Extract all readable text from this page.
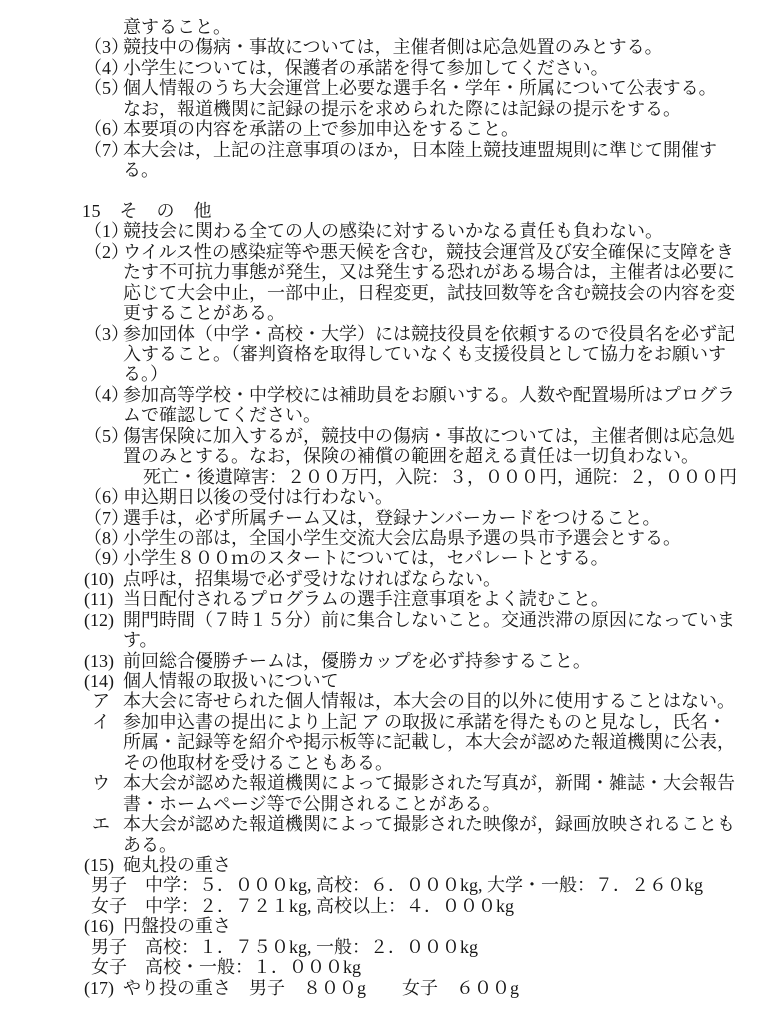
意すること。
（3）
競技中の傷病・事故については，主催者側は応急処置のみとする。
（4）
小学生については，保護者の承諾を得て参加してください。
（5）
個人情報のうち大会運営上必要な選手名・学年・所属について公表する。
なお，報道機関に記録の提示を求められた際には記録の提示をする。
（6）
本要項の内容を承諾の上で参加申込をすること。
（7）
本大会は，上記の注意事項のほか，日本陸上競技連盟規則に準じて開催す
る。
15　そ　の　他
（1）
競技会に関わる全ての人の感染に対するいかなる責任も負わない。
（2）
ウイルス性の感染症等や悪天候を含む，競技会運営及び安全確保に支障をき
たす不可抗力事態が発生，又は発生する恐れがある場合は，主催者は必要に
応じて大会中止，一部中止，日程変更，試技回数等を含む競技会の内容を変
更することがある。
（3）
参加団体（中学・高校・大学）には競技役員を依頼するので役員名を必ず記
入すること。（審判資格を取得していなくも支援役員として協力をお願いす
る。）
（4）
参加高等学校・中学校には補助員をお願いする。人数や配置場所はプログラ
ムで確認してください。
（5）
傷害保険に加入するが，競技中の傷病・事故については，主催者側は応急処
置のみとする。なお，保険の補償の範囲を超える責任は一切負わない。
死亡・後遺障害：２００万円，入院：３，０００円，通院：２，０００円
（6）
申込期日以後の受付は行わない。
（7）
選手は，必ず所属チーム又は，登録ナンバーカードをつけること。
（8）
小学生の部は，全国小学生交流大会広島県予選の呉市予選会とする。
（9）
小学生８００ｍのスタートについては，セパレートとする。
(10) 点呼は，招集場で必ず受けなければならない。
(11) 当日配付されるプログラムの選手注意事項をよく読むこと。
(12) 開門時間（７時１５分）前に集合しないこと。交通渋滞の原因になっていま
す。
(13) 前回総合優勝チームは，優勝カップを必ず持参すること。
(14) 個人情報の取扱いについて
ア 本大会に寄せられた個人情報は，本大会の目的以外に使用することはない。
イ 参加申込書の提出により上記 ア の取扱に承諾を得たものと見なし，氏名・
所属・記録等を紹介や掲示板等に記載し，本大会が認めた報道機関に公表，
その他取材を受けることもある。
ウ 本大会が認めた報道機関によって撮影された写真が，新聞・雑誌・大会報告
書・ホームページ等で公開されることがある。
エ 本大会が認めた報道機関によって撮影された映像が，録画放映されることも
ある。
(15) 砲丸投の重さ
男子　中学：５．０００kg, 高校：６．０００kg, 大学・一般：７．２６０kg
女子　中学：２．７２１kg, 高校以上：４．０００kg
(16) 円盤投の重さ
男子　高校：１．７５０kg, 一般：２．０００kg
女子　高校・一般：１．０００kg
(17) やり投の重さ　男子　８００g　　女子　６００g
